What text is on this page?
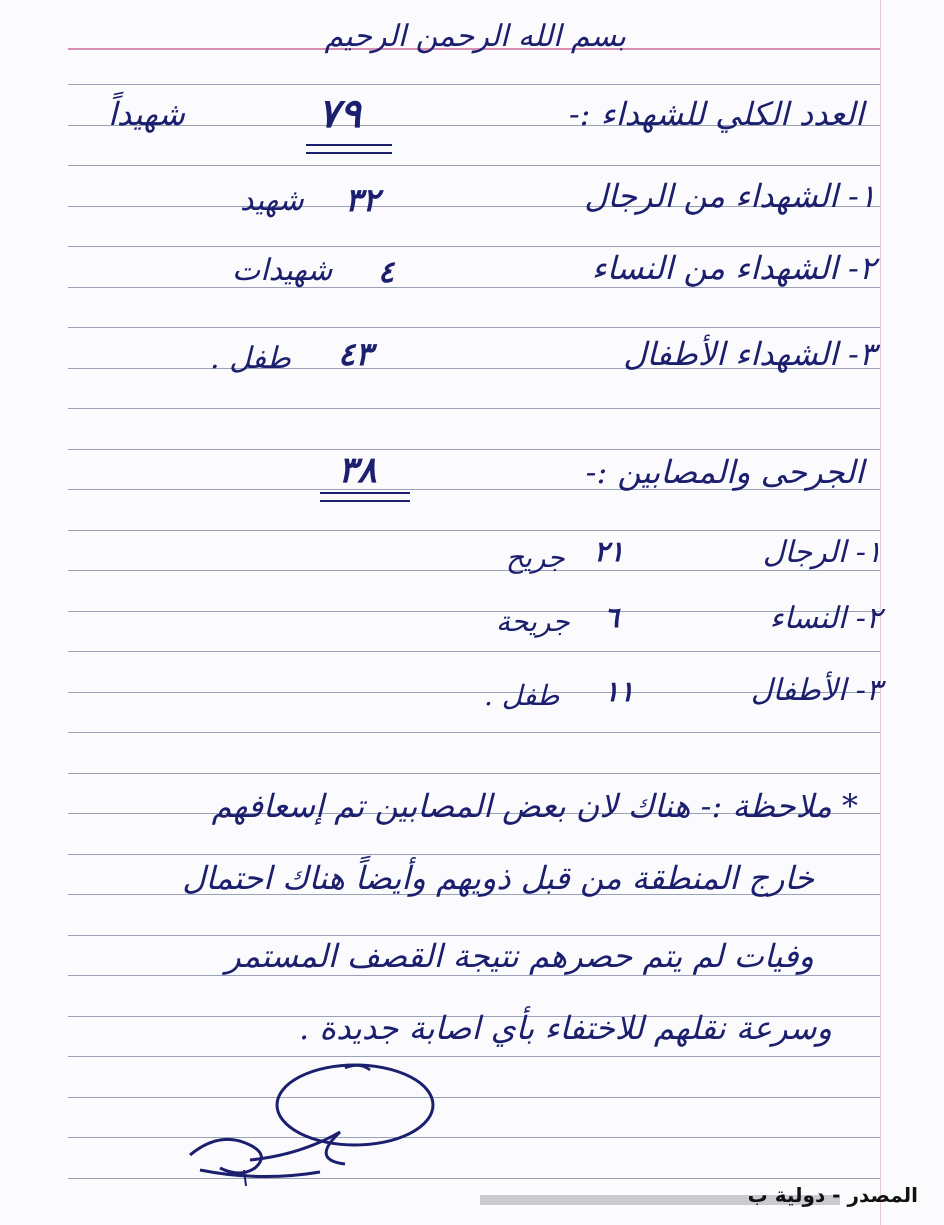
بسم الله الرحمن الرحيم
العدد الكلي للشهداء :-
٧٩
شهيداً
١- الشهداء من الرجال
٣٢
شهيد
٢- الشهداء من النساء
٤
شهيدات
٣- الشهداء الأطفال
٤٣
طفل .
الجرحى والمصابين :-
٣٨
١- الرجال
٢١
جريح
٢- النساء
٦
جريحة
٣- الأطفال
١١
طفل .
* ملاحظة :- هناك لان بعض المصابين تم إسعافهم
خارج المنطقة من قبل ذويهم وأيضاً هناك احتمال
وفيات لم يتم حصرهم نتيجة القصف المستمر
وسرعة نقلهم للاختفاء بأي اصابة جديدة .
المصدر - دولية ب
